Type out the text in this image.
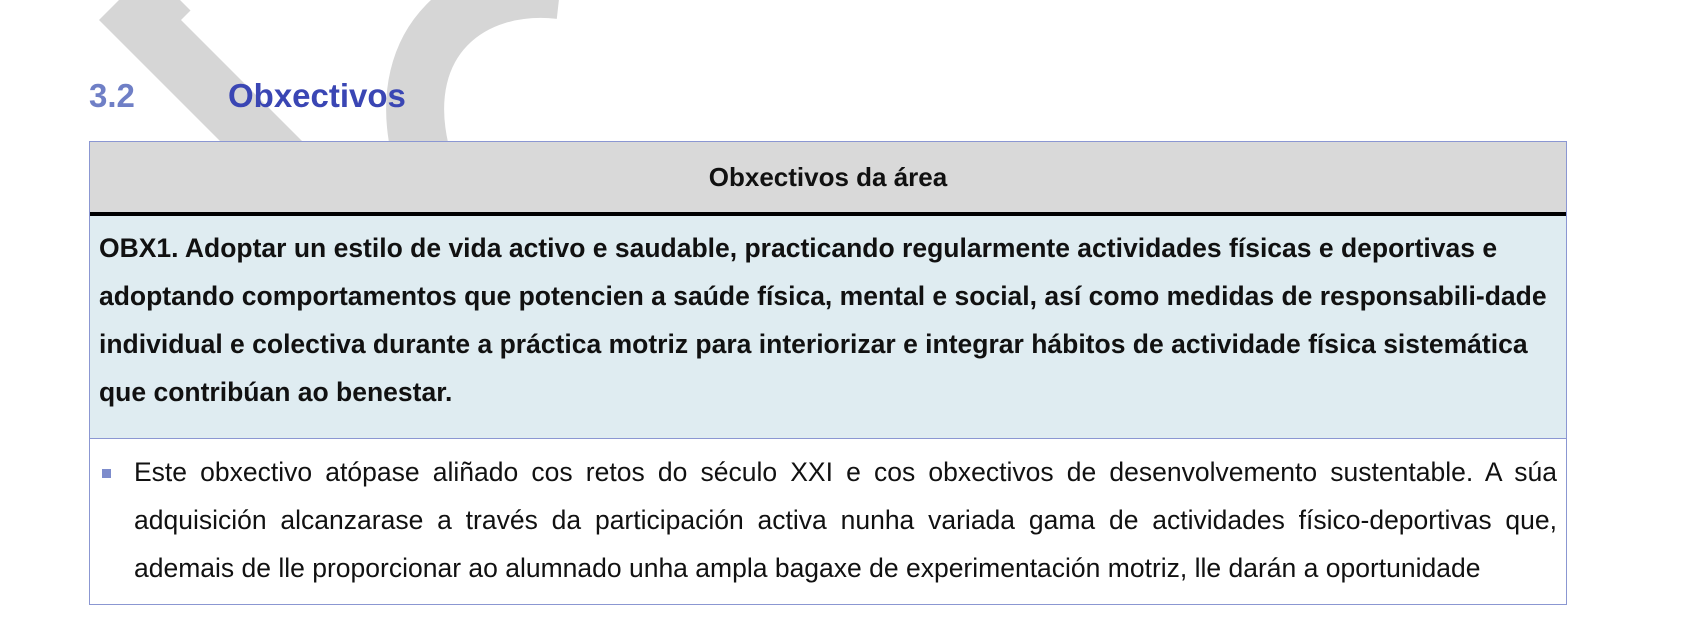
3.2	Obxectivos
Obxectivos da área
OBX1. Adoptar un estilo de vida activo e saudable, practicando regularmente actividades físicas e deportivas e adoptando comportamentos que potencien a saúde física, mental e social, así como medidas de responsabili-dade individual e colectiva durante a práctica motriz para interiorizar e integrar hábitos de actividade física sistemática que contribúan ao benestar.
Este obxectivo atópase aliñado cos retos do século XXI e cos obxectivos de desenvolvemento sustentable. A súa adquisición alcanzarase a través da participación activa nunha variada gama de actividades físico-deportivas que, ademais de lle proporcionar ao alumnado unha ampla bagaxe de experimentación motriz, lle darán a oportunidade
